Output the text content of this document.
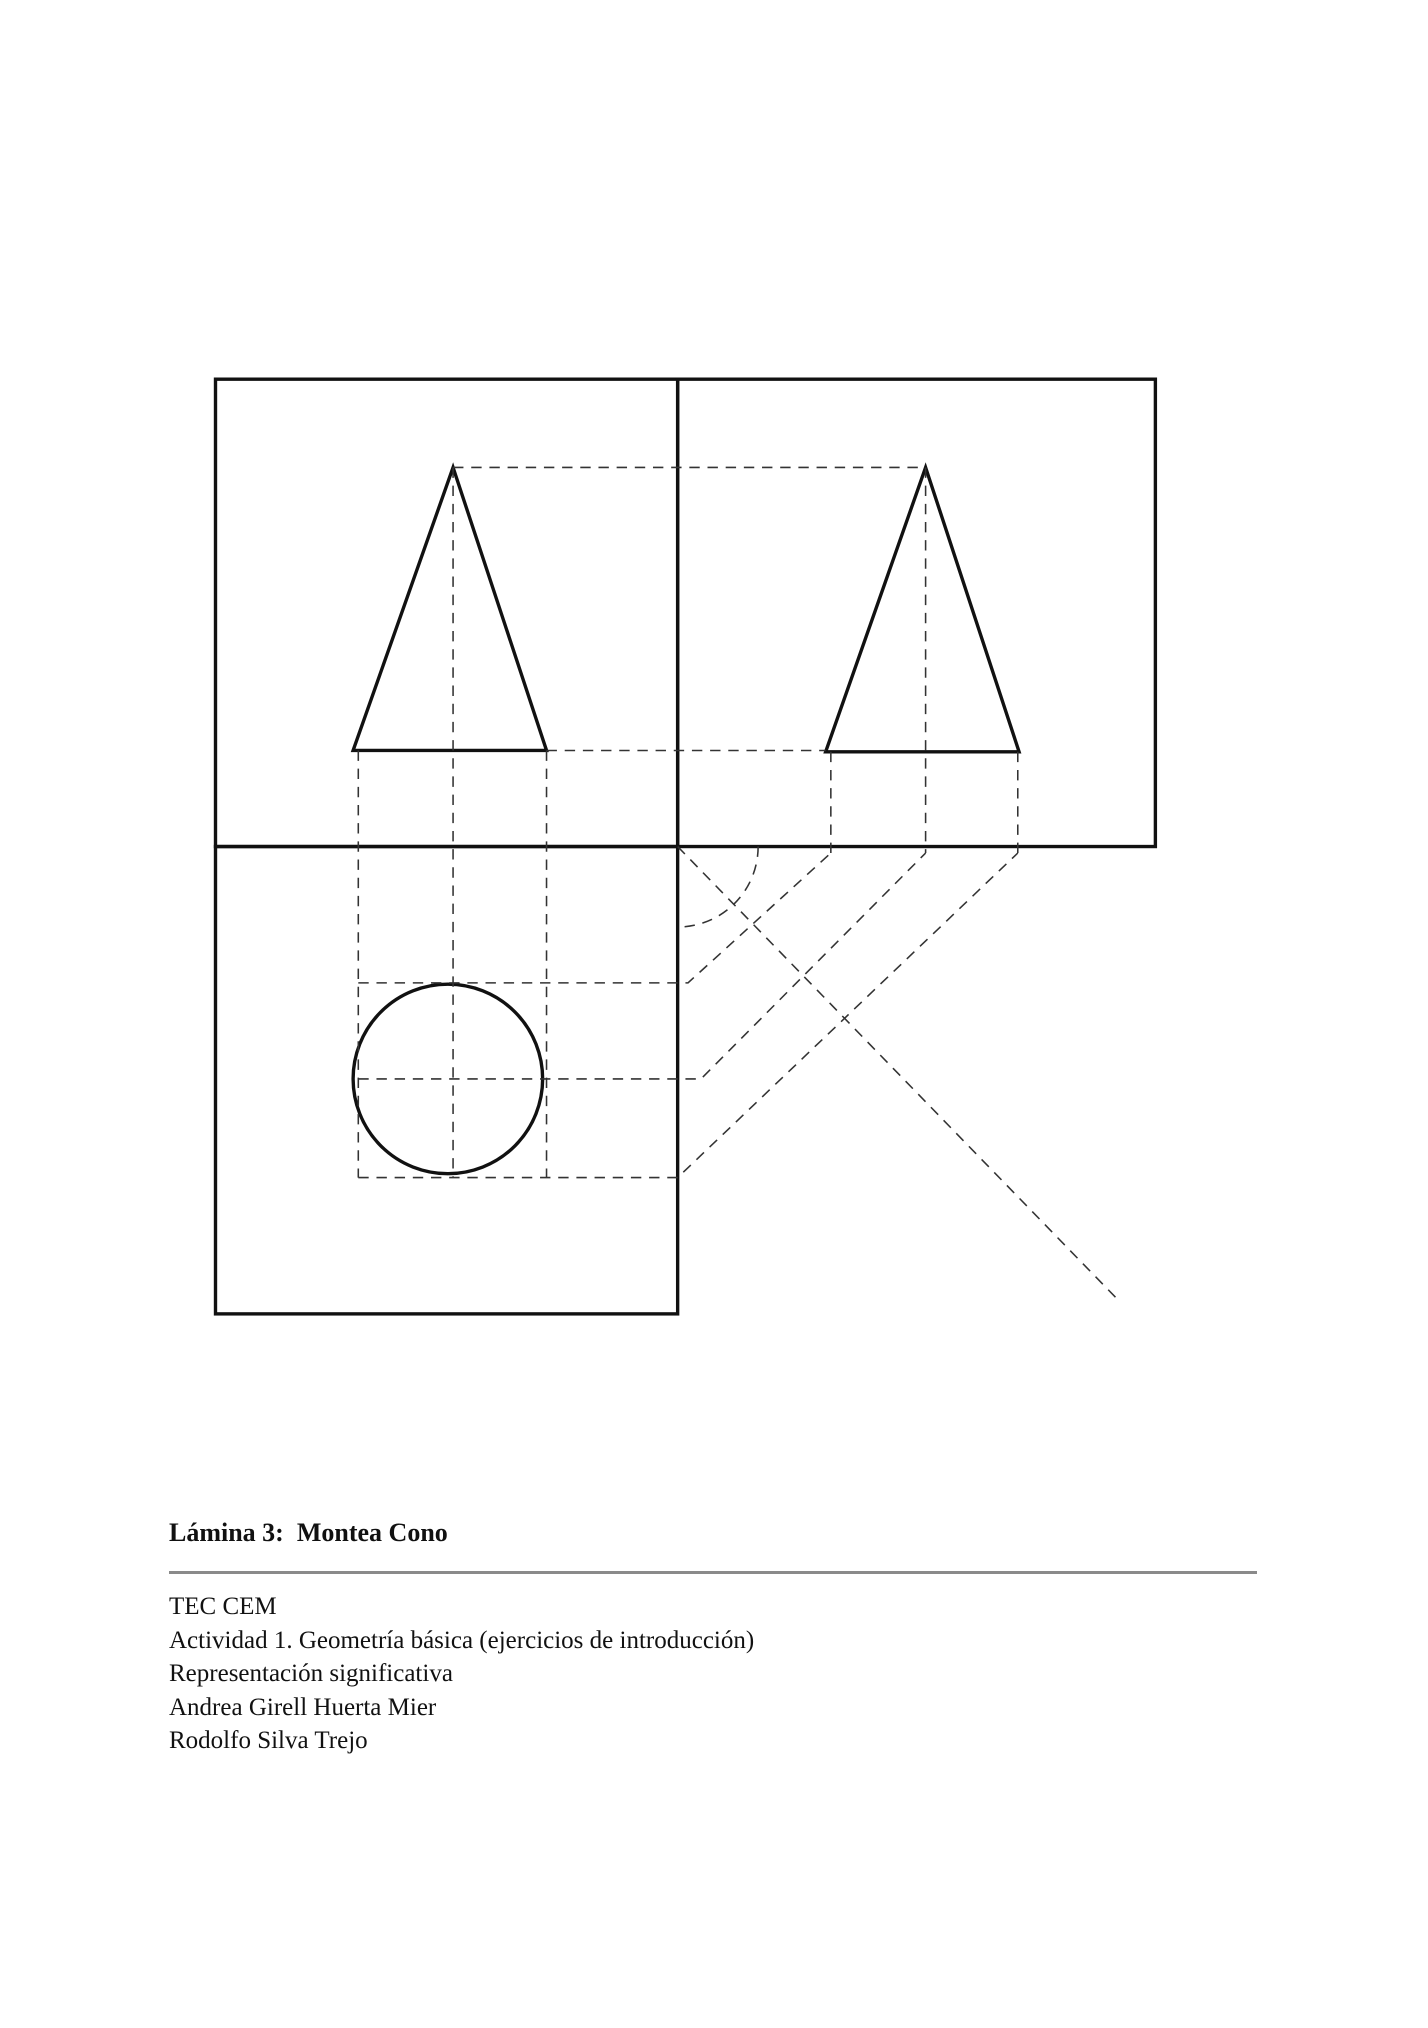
Lámina 3:  Montea Cono
TEC CEM
Actividad 1. Geometría básica (ejercicios de introducción)
Representación significativa
Andrea Girell Huerta Mier
Rodolfo Silva Trejo
